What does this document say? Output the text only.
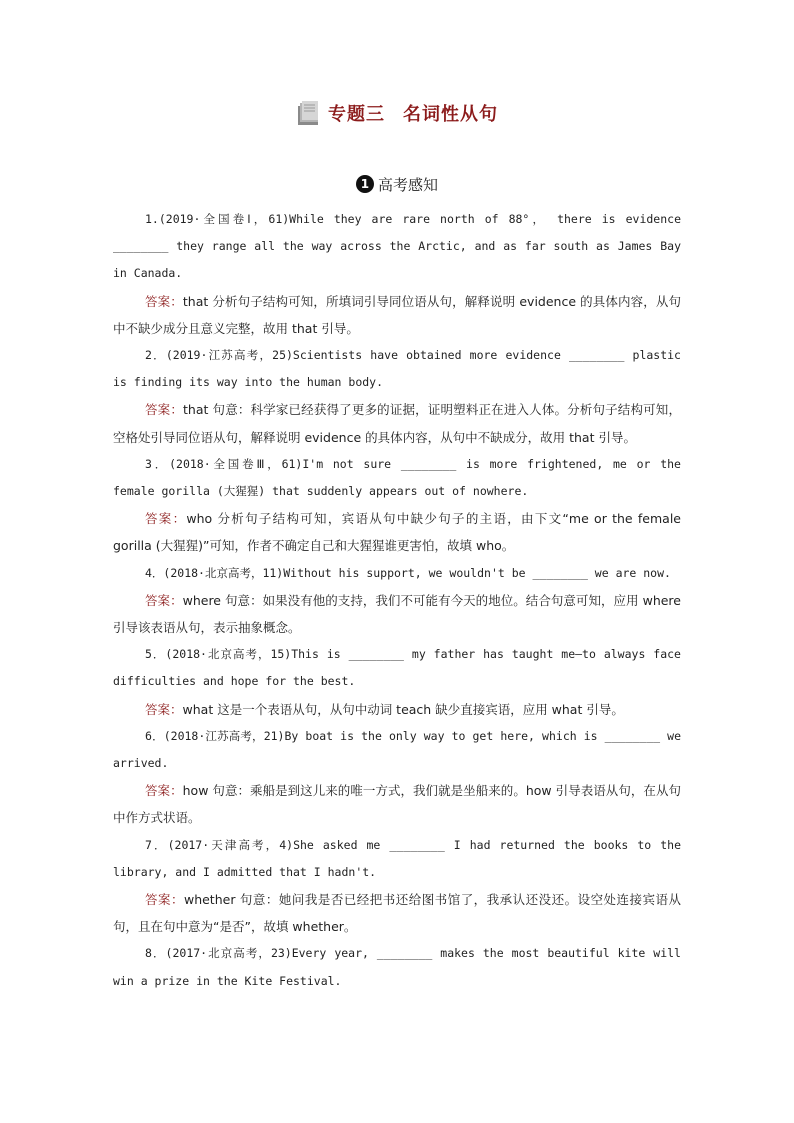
专题三 名词性从句
1 高考感知

1.(2019·全国卷Ⅰ，61)While they are rare north of 88°， there is evidence ________ they range all the way across the Arctic, and as far south as James Bay in Canada.

答案：that 分析句子结构可知，所填词引导同位语从句，解释说明 evidence 的具体内容，从句中不缺少成分且意义完整，故用 that 引导。

2．(2019·江苏高考，25)Scientists have obtained more evidence ________ plastic is finding its way into the human body.

答案：that 句意：科学家已经获得了更多的证据，证明塑料正在进入人体。分析句子结构可知，空格处引导同位语从句，解释说明 evidence 的具体内容，从句中不缺成分，故用 that 引导。

3．(2018·全国卷Ⅲ，61)I'm not sure ________ is more frightened, me or the female gorilla (大猩猩) that suddenly appears out of nowhere.

答案：who 分析句子结构可知，宾语从句中缺少句子的主语，由下文“me or the female gorilla (大猩猩)”可知，作者不确定自己和大猩猩谁更害怕，故填 who。

4．(2018·北京高考，11)Without his support, we wouldn't be ________ we are now.

答案：where 句意：如果没有他的支持，我们不可能有今天的地位。结合句意可知，应用 where 引导该表语从句，表示抽象概念。

5．(2018·北京高考，15)This is ________ my father has taught me—to always face difficulties and hope for the best.

答案：what 这是一个表语从句，从句中动词 teach 缺少直接宾语，应用 what 引导。

6．(2018·江苏高考，21)By boat is the only way to get here, which is ________ we arrived.

答案：how 句意：乘船是到这儿来的唯一方式，我们就是坐船来的。how 引导表语从句，在从句中作方式状语。

7．(2017·天津高考，4)She asked me ________ I had returned the books to the library, and I admitted that I hadn't.

答案：whether 句意：她问我是否已经把书还给图书馆了，我承认还没还。设空处连接宾语从句，且在句中意为“是否”，故填 whether。

8．(2017·北京高考，23)Every year, ________ makes the most beautiful kite will win a prize in the Kite Festival.
